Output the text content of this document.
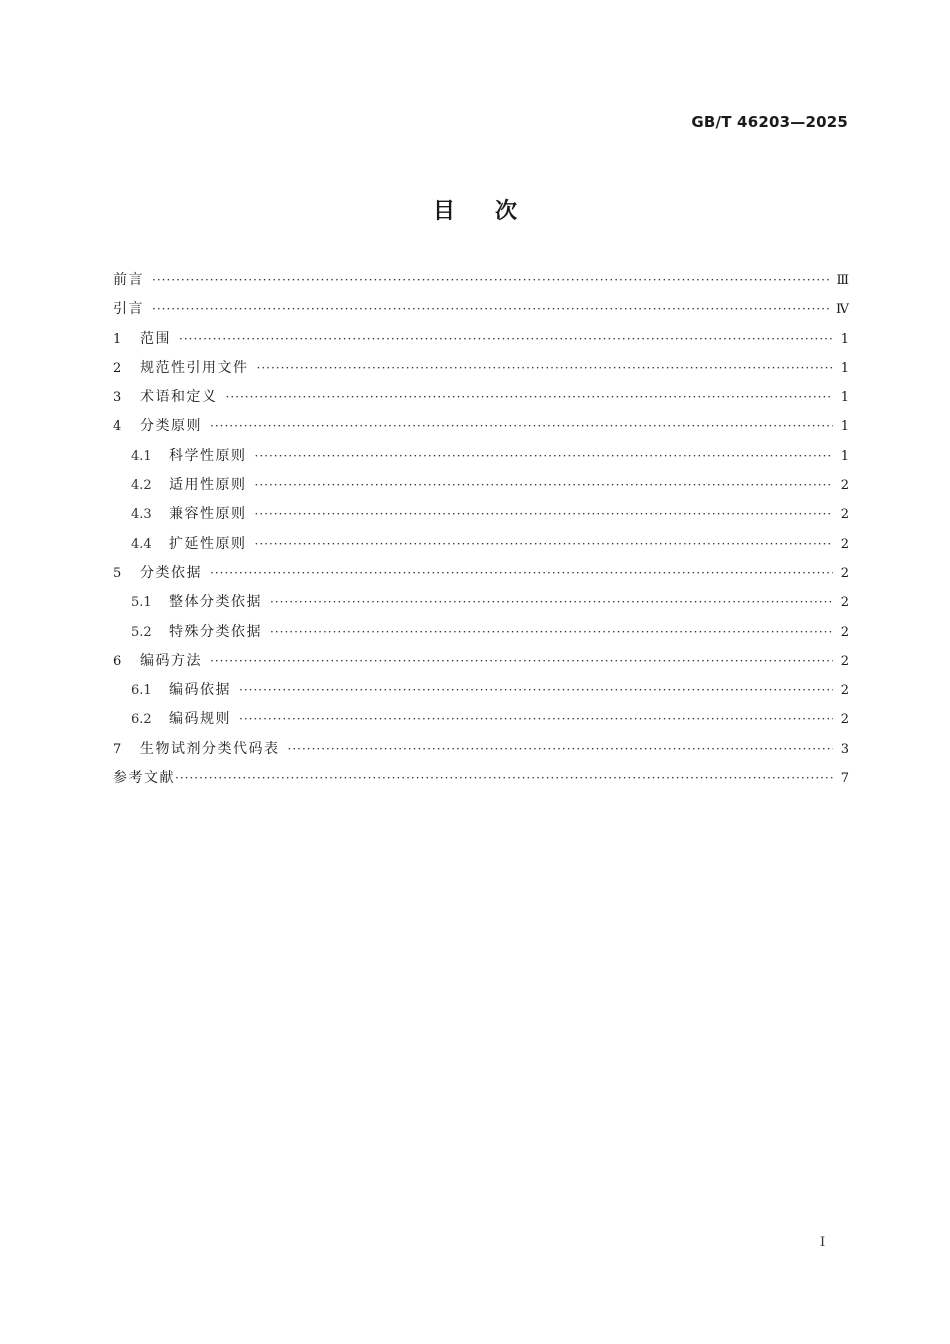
GB/T 46203—2025
目次
前言 ·····	Ⅲ
引言 ·····	Ⅳ
1	范围 ·····	1
2	规范性引用文件 ·····	1
3	术语和定义 ·····	1
4	分类原则 ·····	1
4.1	科学性原则 ·····	1
4.2	适用性原则 ·····	2
4.3	兼容性原则 ·····	2
4.4	扩延性原则 ·····	2
5	分类依据 ·····	2
5.1	整体分类依据 ·····	2
5.2	特殊分类依据 ·····	2
6	编码方法 ·····	2
6.1	编码依据 ·····	2
6.2	编码规则 ·····	2
7	生物试剂分类代码表 ·····	3
参考文献 ·····	7
I
